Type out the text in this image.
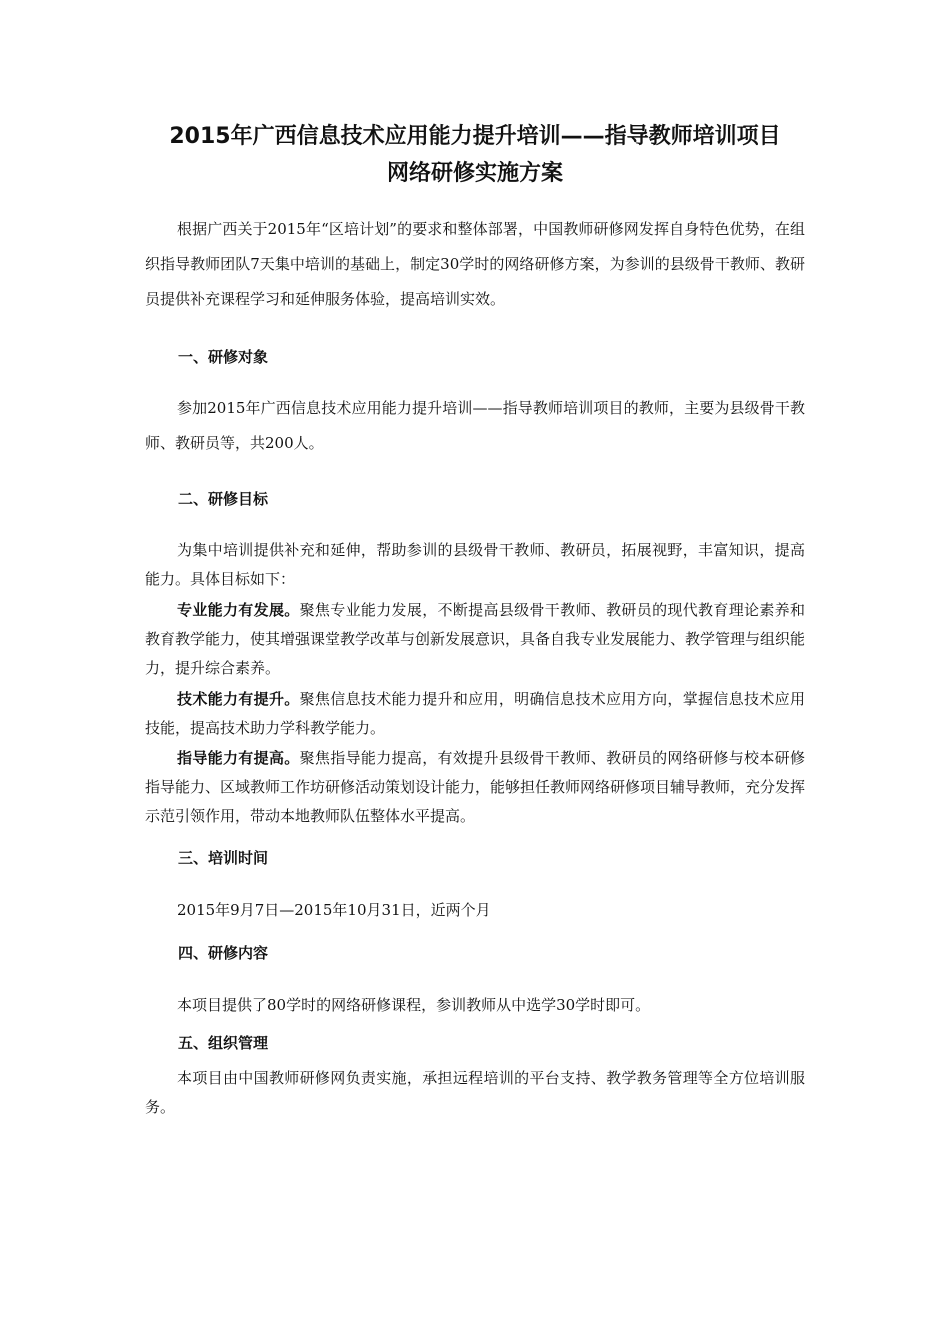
2015年广西信息技术应用能力提升培训——指导教师培训项目
网络研修实施方案

根据广西关于2015年“区培计划”的要求和整体部署，中国教师研修网发挥自身特色优势，在组织指导教师团队7天集中培训的基础上，制定30学时的网络研修方案，为参训的县级骨干教师、教研员提供补充课程学习和延伸服务体验，提高培训实效。

一、研修对象

参加2015年广西信息技术应用能力提升培训——指导教师培训项目的教师，主要为县级骨干教师、教研员等，共200人。

二、研修目标

为集中培训提供补充和延伸，帮助参训的县级骨干教师、教研员，拓展视野，丰富知识，提高能力。具体目标如下：

专业能力有发展。聚焦专业能力发展，不断提高县级骨干教师、教研员的现代教育理论素养和教育教学能力，使其增强课堂教学改革与创新发展意识，具备自我专业发展能力、教学管理与组织能力，提升综合素养。

技术能力有提升。聚焦信息技术能力提升和应用，明确信息技术应用方向，掌握信息技术应用技能，提高技术助力学科教学能力。

指导能力有提高。聚焦指导能力提高，有效提升县级骨干教师、教研员的网络研修与校本研修指导能力、区域教师工作坊研修活动策划设计能力，能够担任教师网络研修项目辅导教师，充分发挥示范引领作用，带动本地教师队伍整体水平提高。

三、培训时间

2015年9月7日—2015年10月31日，近两个月

四、研修内容

本项目提供了80学时的网络研修课程，参训教师从中选学30学时即可。

五、组织管理

本项目由中国教师研修网负责实施，承担远程培训的平台支持、教学教务管理等全方位培训服务。
